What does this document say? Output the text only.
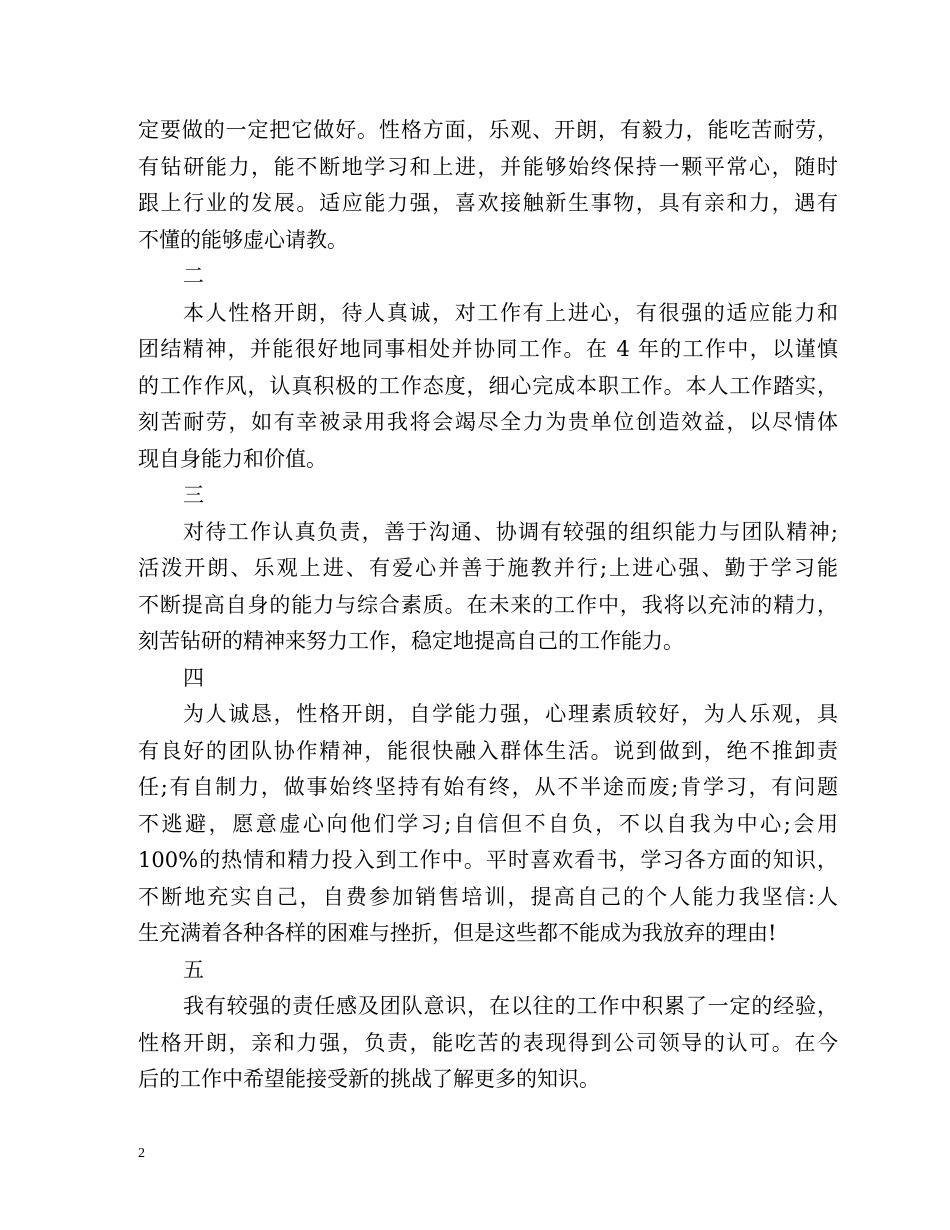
定要做的一定把它做好。性格方面，乐观、开朗，有毅力，能吃苦耐劳，
有钻研能力，能不断地学习和上进，并能够始终保持一颗平常心，随时
跟上行业的发展。适应能力强，喜欢接触新生事物，具有亲和力，遇有
不懂的能够虚心请教。
二
本人性格开朗，待人真诚，对工作有上进心，有很强的适应能力和
团结精神，并能很好地同事相处并协同工作。在 4 年的工作中，以谨慎
的工作作风，认真积极的工作态度，细心完成本职工作。本人工作踏实，
刻苦耐劳，如有幸被录用我将会竭尽全力为贵单位创造效益，以尽情体
现自身能力和价值。
三
对待工作认真负责，善于沟通、协调有较强的组织能力与团队精神;
活泼开朗、乐观上进、有爱心并善于施教并行;上进心强、勤于学习能
不断提高自身的能力与综合素质。在未来的工作中，我将以充沛的精力，
刻苦钻研的精神来努力工作，稳定地提高自己的工作能力。
四
为人诚恳，性格开朗，自学能力强，心理素质较好，为人乐观，具
有良好的团队协作精神，能很快融入群体生活。说到做到，绝不推卸责
任;有自制力，做事始终坚持有始有终，从不半途而废;肯学习，有问题
不逃避，愿意虚心向他们学习;自信但不自负，不以自我为中心;会用
100%的热情和精力投入到工作中。平时喜欢看书，学习各方面的知识，
不断地充实自己，自费参加销售培训，提高自己的个人能力我坚信:人
生充满着各种各样的困难与挫折，但是这些都不能成为我放弃的理由!
五
我有较强的责任感及团队意识，在以往的工作中积累了一定的经验，
性格开朗，亲和力强，负责，能吃苦的表现得到公司领导的认可。在今
后的工作中希望能接受新的挑战了解更多的知识。
2
